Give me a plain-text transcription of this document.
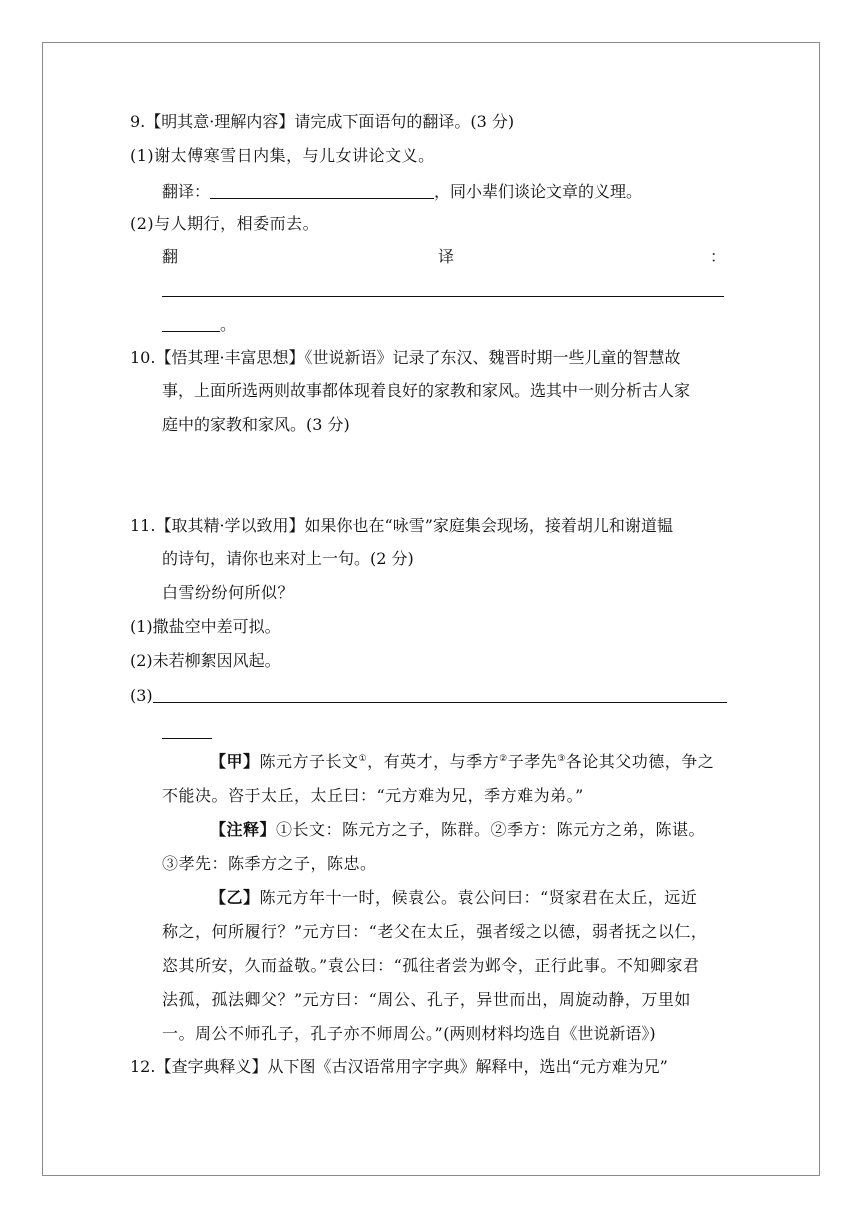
9.【明其意·理解内容】请完成下面语句的翻译。(3 分)
(1)谢太傅寒雪日内集，与儿女讲论文义。
翻译：	，同小辈们谈论文章的义理。
(2)与人期行，相委而去。
翻	译	：
。
10.【悟其理·丰富思想】《世说新语》记录了东汉、魏晋时期一些儿童的智慧故
事，上面所选两则故事都体现着良好的家教和家风。选其中一则分析古人家
庭中的家教和家风。(3 分)
11.【取其精·学以致用】如果你也在“咏雪”家庭集会现场，接着胡儿和谢道韫
的诗句，请你也来对上一句。(2 分)
白雪纷纷何所似？
(1)撒盐空中差可拟。
(2)未若柳絮因风起。
(3)
【甲】陈元方子长文①，有英才，与季方②子孝先③各论其父功德，争之
不能决。咨于太丘，太丘曰：“元方难为兄，季方难为弟。”
【注释】①长文：陈元方之子，陈群。②季方：陈元方之弟，陈谌。
③孝先：陈季方之子，陈忠。
【乙】陈元方年十一时，候袁公。袁公问曰：“贤家君在太丘，远近
称之，何所履行？”元方曰：“老父在太丘，强者绥之以德，弱者抚之以仁，
恣其所安，久而益敬。”袁公曰：“孤往者尝为邺令，正行此事。不知卿家君
法孤，孤法卿父？”元方曰：“周公、孔子，异世而出，周旋动静，万里如
一。周公不师孔子，孔子亦不师周公。”(两则材料均选自《世说新语》)
12.【查字典释义】从下图《古汉语常用字字典》解释中，选出“元方难为兄”
